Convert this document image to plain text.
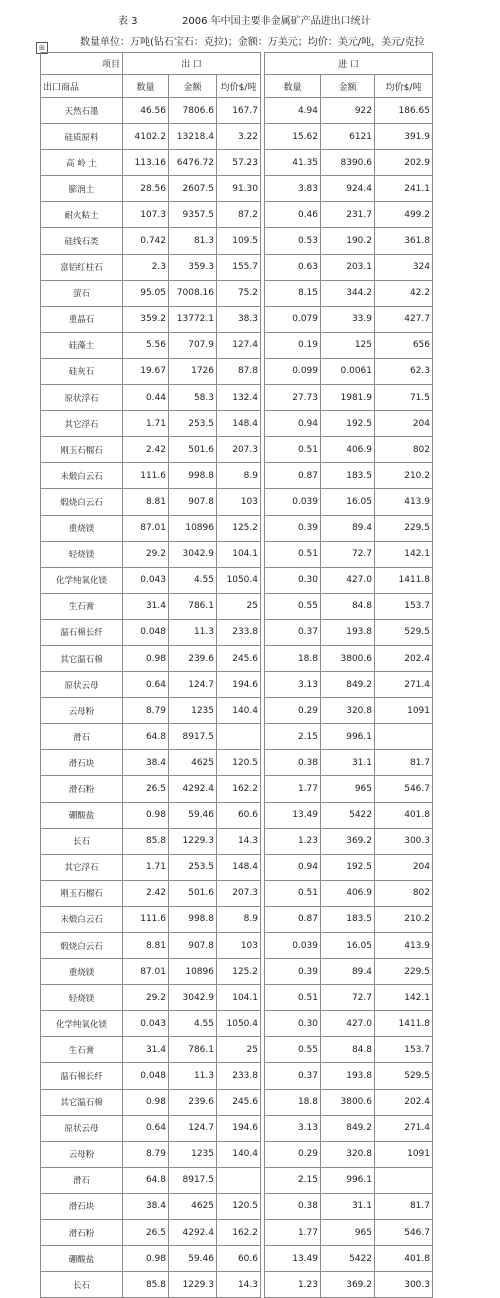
表 3	2006 年中国主要非金属矿产品进出口统计
数量单位：万吨(钻石宝石：克拉)；金额：万美元；均价：美元/吨，美元/克拉
⊞
项目	出 口				进 口		
出口商品	数量	金额	均价$/吨		数量	金额	均价$/吨
天然石墨	46.56	7806.6	167.7		4.94	922	186.65
硅质原料	4102.2	13218.4	3.22		15.62	6121	391.9
高 岭 土	113.16	6476.72	57.23		41.35	8390.6	202.9
膨润土	28.56	2607.5	91.30		3.83	924.4	241.1
耐火粘土	107.3	9357.5	87.2		0.46	231.7	499.2
硅线石类	0.742	81.3	109.5		0.53	190.2	361.8
富铝红柱石	2.3	359.3	155.7		0.63	203.1	324
萤石	95.05	7008.16	75.2		8.15	344.2	42.2
重晶石	359.2	13772.1	38.3		0.079	33.9	427.7
硅藻土	5.56	707.9	127.4		0.19	125	656
硅灰石	19.67	1726	87.8		0.099	0.0061	62.3
原状浮石	0.44	58.3	132.4		27.73	1981.9	71.5
其它浮石	1.71	253.5	148.4		0.94	192.5	204
刚玉石榴石	2.42	501.6	207.3		0.51	406.9	802
未煅白云石	111.6	998.8	8.9		0.87	183.5	210.2
煅烧白云石	8.81	907.8	103		0.039	16.05	413.9
重烧镁	87.01	10896	125.2		0.39	89.4	229.5
轻烧镁	29.2	3042.9	104.1		0.51	72.7	142.1
化学纯氧化镁	0.043	4.55	1050.4		0.30	427.0	1411.8
生石膏	31.4	786.1	25		0.55	84.8	153.7
温石棉长纤	0.048	11.3	233.8		0.37	193.8	529.5
其它温石棉	0.98	239.6	245.6		18.8	3800.6	202.4
原状云母	0.64	124.7	194.6		3.13	849.2	271.4
云母粉	8.79	1235	140.4		0.29	320.8	1091
滑石	64.8	8917.5			2.15	996.1	
滑石块	38.4	4625	120.5		0.38	31.1	81.7
滑石粉	26.5	4292.4	162.2		1.77	965	546.7
硼酸盐	0.98	59.46	60.6		13.49	5422	401.8
长石	85.8	1229.3	14.3		1.23	369.2	300.3
其它浮石	1.71	253.5	148.4		0.94	192.5	204
刚玉石榴石	2.42	501.6	207.3		0.51	406.9	802
未煅白云石	111.6	998.8	8.9		0.87	183.5	210.2
煅烧白云石	8.81	907.8	103		0.039	16.05	413.9
重烧镁	87.01	10896	125.2		0.39	89.4	229.5
轻烧镁	29.2	3042.9	104.1		0.51	72.7	142.1
化学纯氧化镁	0.043	4.55	1050.4		0.30	427.0	1411.8
生石膏	31.4	786.1	25		0.55	84.8	153.7
温石棉长纤	0.048	11.3	233.8		0.37	193.8	529.5
其它温石棉	0.98	239.6	245.6		18.8	3800.6	202.4
原状云母	0.64	124.7	194.6		3.13	849.2	271.4
云母粉	8.79	1235	140.4		0.29	320.8	1091
滑石	64.8	8917.5			2.15	996.1	
滑石块	38.4	4625	120.5		0.38	31.1	81.7
滑石粉	26.5	4292.4	162.2		1.77	965	546.7
硼酸盐	0.98	59.46	60.6		13.49	5422	401.8
长石	85.8	1229.3	14.3		1.23	369.2	300.3
